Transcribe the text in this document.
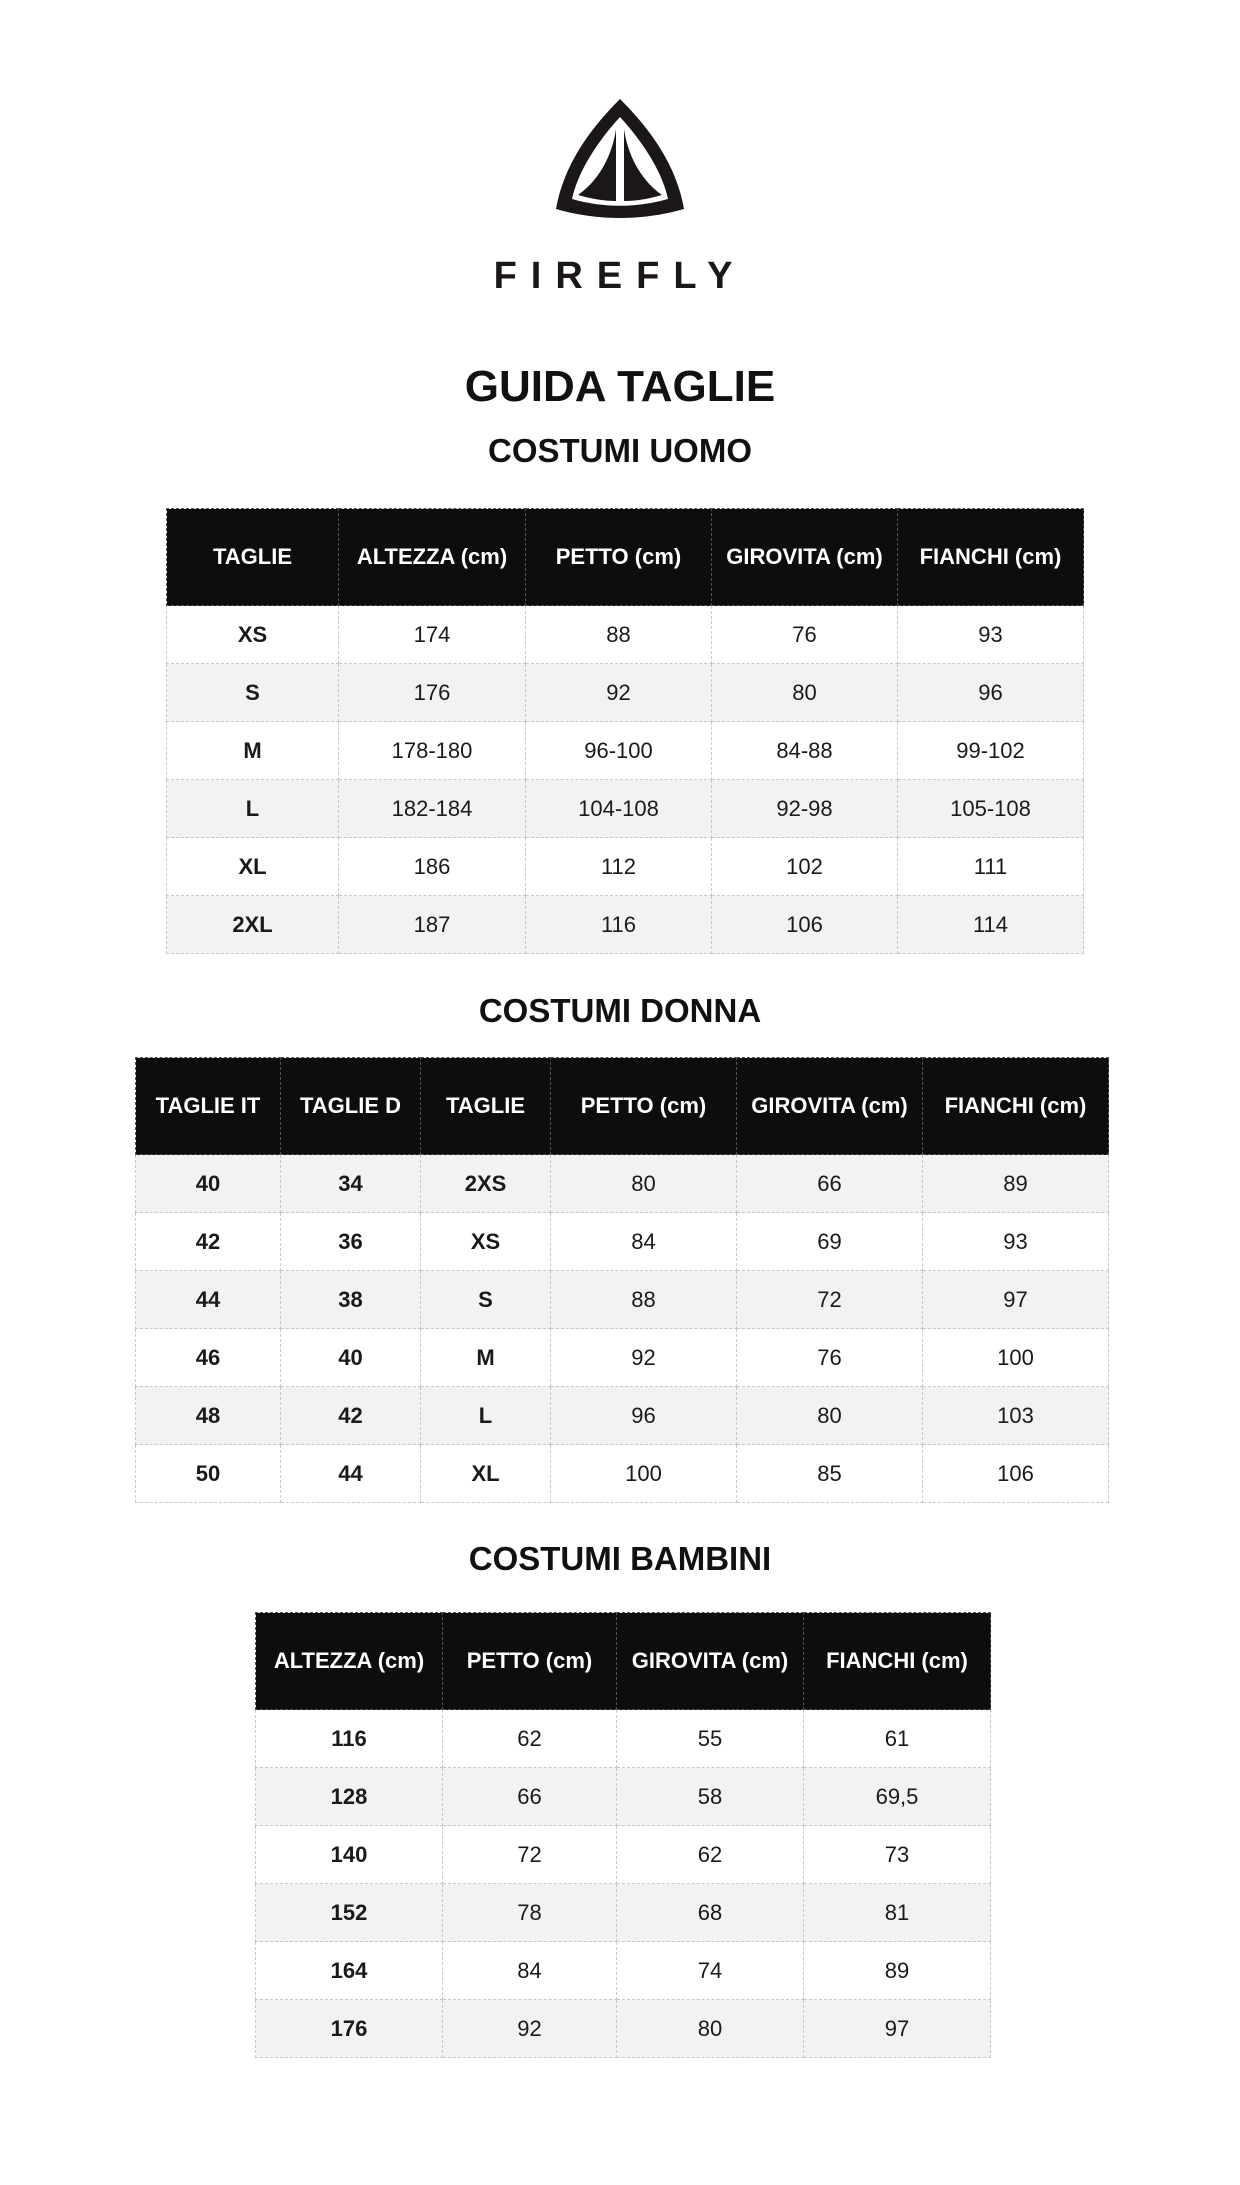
FIREFLY
GUIDA TAGLIE
COSTUMI UOMO
TAGLIE	ALTEZZA (cm)	PETTO (cm)	GIROVITA (cm)	FIANCHI (cm)
XS	174	88	76	93
S	176	92	80	96
M	178-180	96-100	84-88	99-102
L	182-184	104-108	92-98	105-108
XL	186	112	102	111
2XL	187	116	106	114
COSTUMI DONNA
TAGLIE IT	TAGLIE D	TAGLIE	PETTO (cm)	GIROVITA (cm)	FIANCHI (cm)
40	34	2XS	80	66	89
42	36	XS	84	69	93
44	38	S	88	72	97
46	40	M	92	76	100
48	42	L	96	80	103
50	44	XL	100	85	106
COSTUMI BAMBINI
ALTEZZA (cm)	PETTO (cm)	GIROVITA (cm)	FIANCHI (cm)
116	62	55	61
128	66	58	69,5
140	72	62	73
152	78	68	81
164	84	74	89
176	92	80	97
